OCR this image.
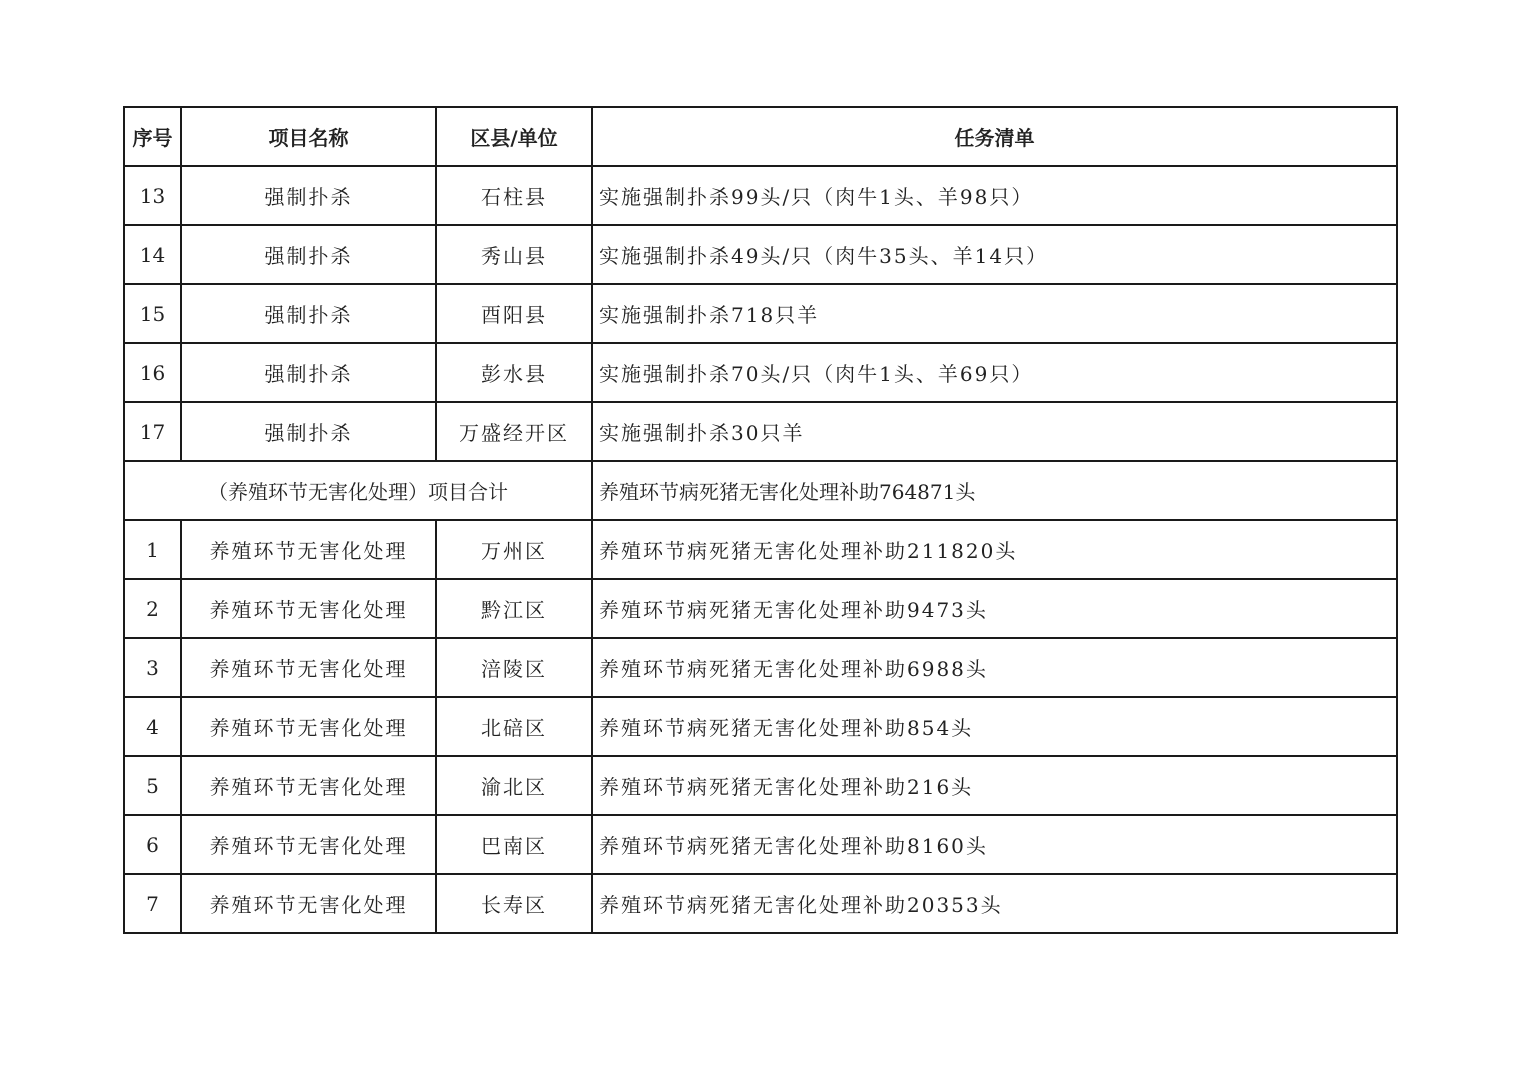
序号	项目名称	区县/单位	任务清单
13	强制扑杀	石柱县	实施强制扑杀99头/只（肉牛1头、羊98只）
14	强制扑杀	秀山县	实施强制扑杀49头/只（肉牛35头、羊14只）
15	强制扑杀	酉阳县	实施强制扑杀718只羊
16	强制扑杀	彭水县	实施强制扑杀70头/只（肉牛1头、羊69只）
17	强制扑杀	万盛经开区	实施强制扑杀30只羊
（养殖环节无害化处理）项目合计			养殖环节病死猪无害化处理补助764871头
1	养殖环节无害化处理	万州区	养殖环节病死猪无害化处理补助211820头
2	养殖环节无害化处理	黔江区	养殖环节病死猪无害化处理补助9473头
3	养殖环节无害化处理	涪陵区	养殖环节病死猪无害化处理补助6988头
4	养殖环节无害化处理	北碚区	养殖环节病死猪无害化处理补助854头
5	养殖环节无害化处理	渝北区	养殖环节病死猪无害化处理补助216头
6	养殖环节无害化处理	巴南区	养殖环节病死猪无害化处理补助8160头
7	养殖环节无害化处理	长寿区	养殖环节病死猪无害化处理补助20353头
